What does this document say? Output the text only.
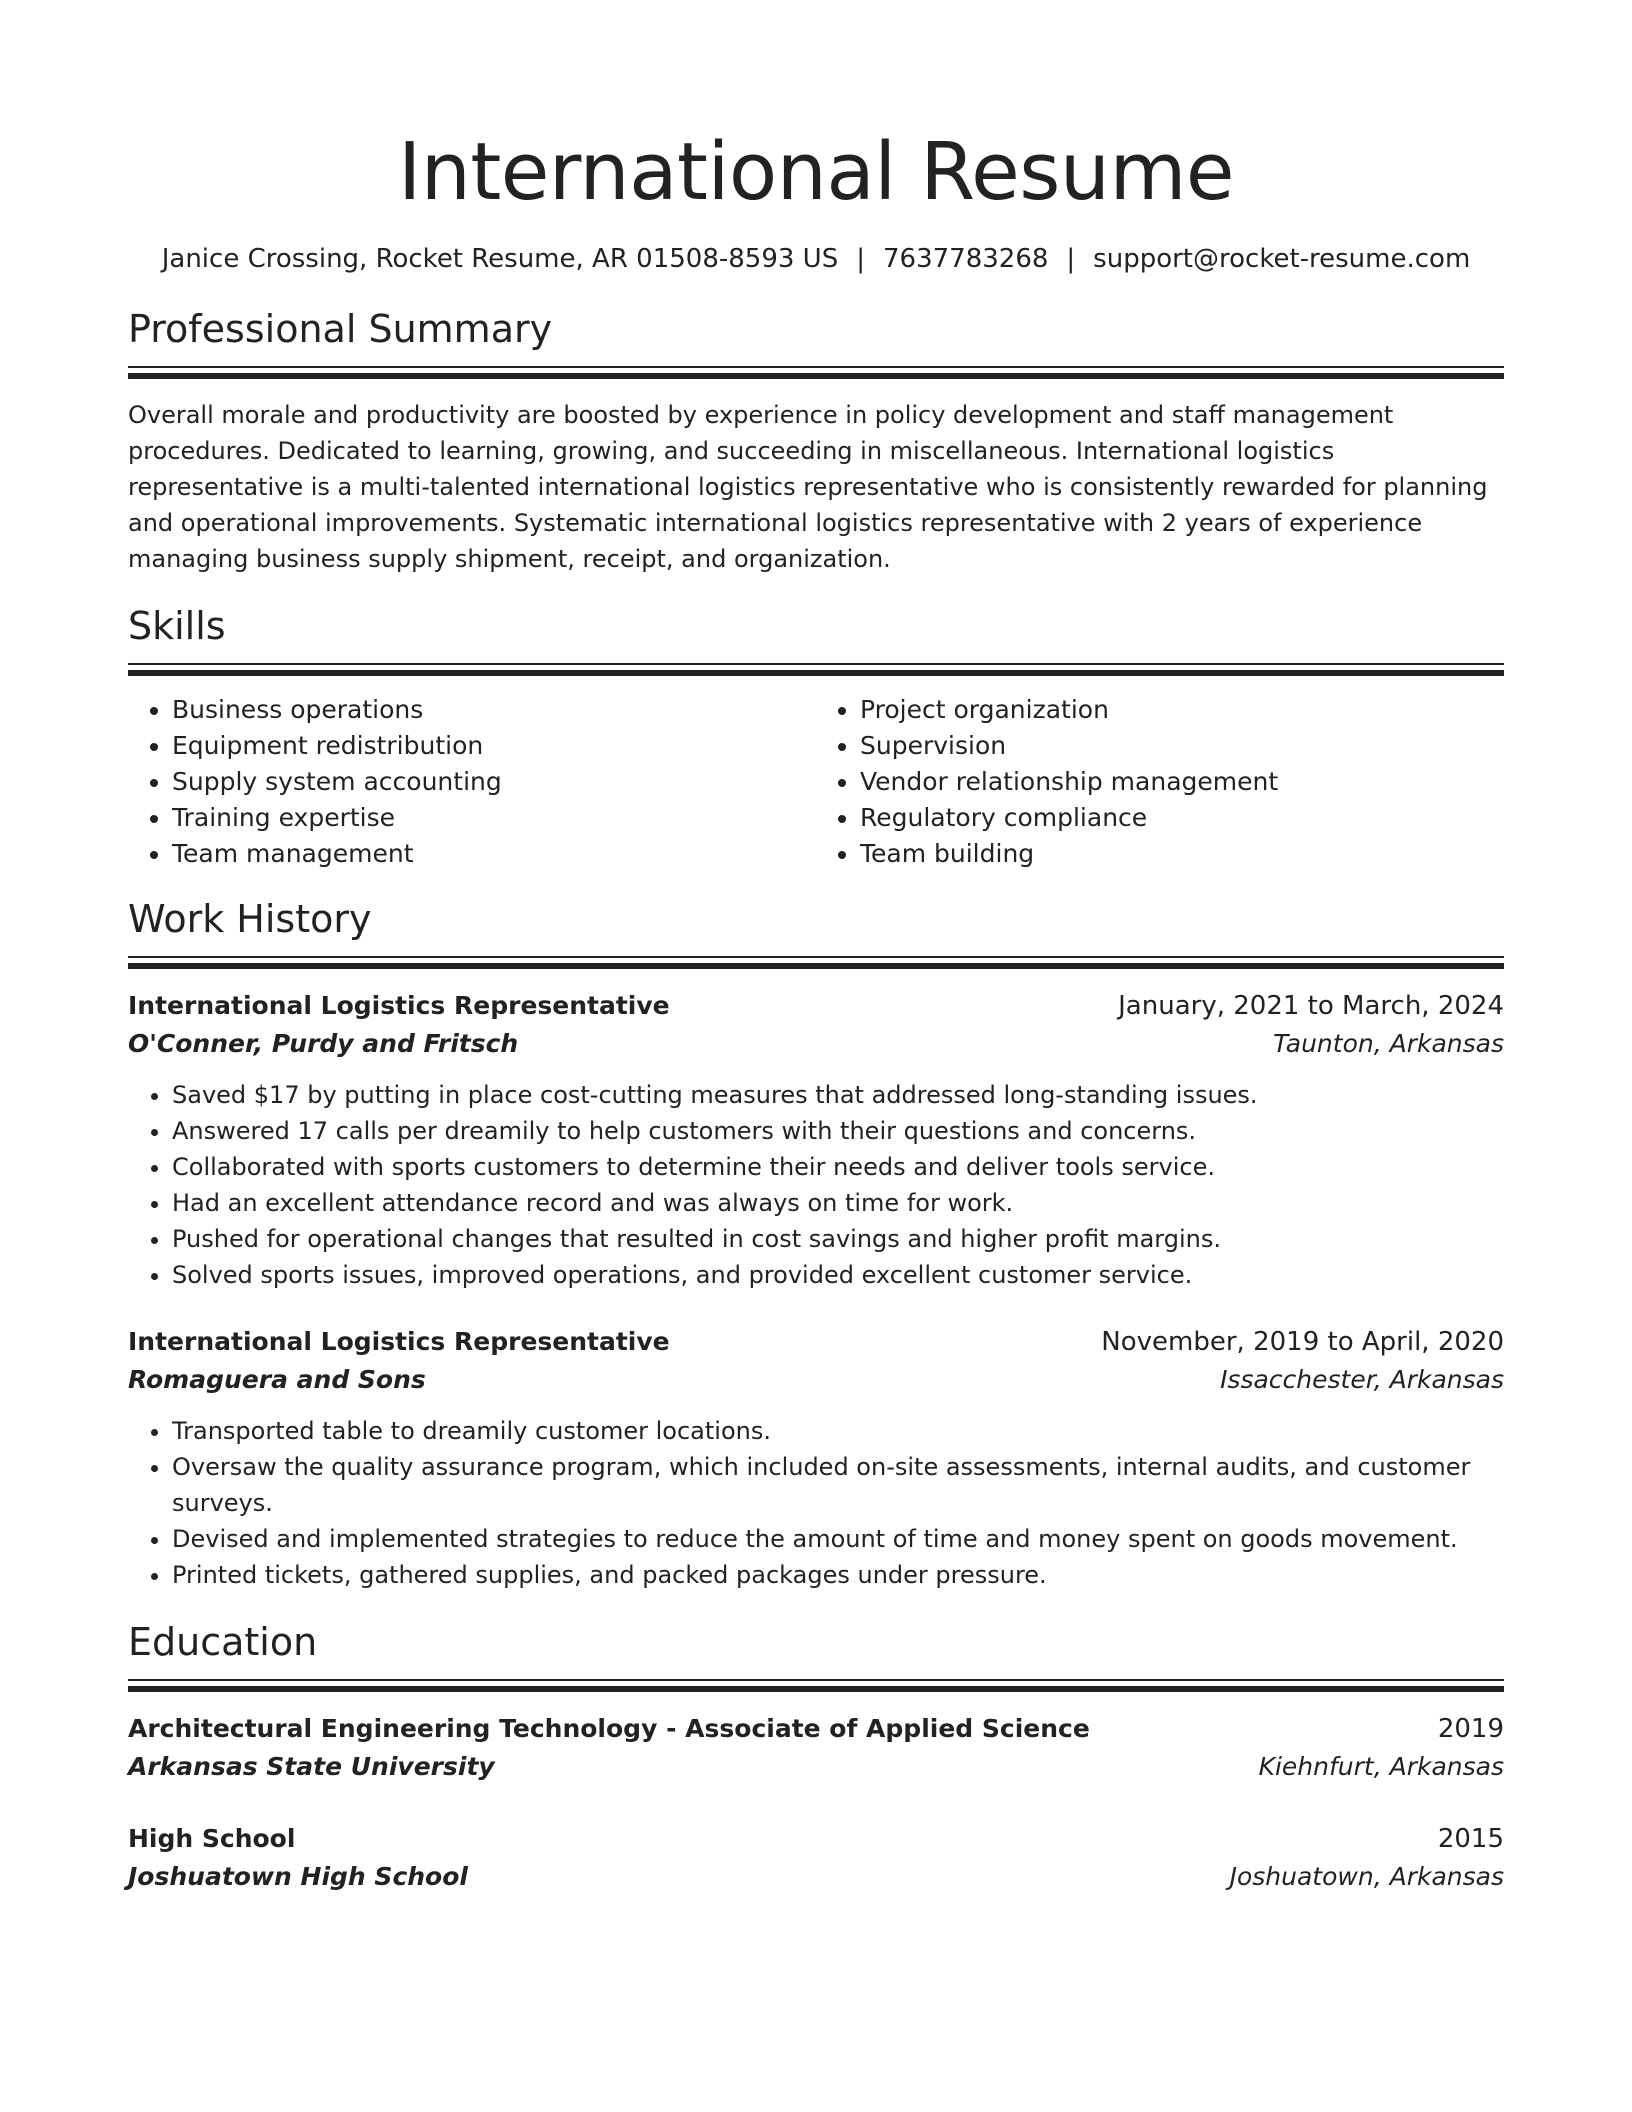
International Resume
Janice Crossing, Rocket Resume, AR 01508-8593 US | 7637783268 | support@rocket-resume.com
Professional Summary

Overall morale and productivity are boosted by experience in policy development and staff management procedures. Dedicated to learning, growing, and succeeding in miscellaneous. International logistics representative is a multi-talented international logistics representative who is consistently rewarded for planning and operational improvements. Systematic international logistics representative with 2 years of experience managing business supply shipment, receipt, and organization.

Skills
• Business operations
• Equipment redistribution
• Supply system accounting
• Training expertise
• Team management
• Project organization
• Supervision
• Vendor relationship management
• Regulatory compliance
• Team building
Work History
International Logistics Representative	January, 2021 to March, 2024
O'Conner, Purdy and Fritsch	Taunton, Arkansas
• Saved $17 by putting in place cost-cutting measures that addressed long-standing issues.
• Answered 17 calls per dreamily to help customers with their questions and concerns.
• Collaborated with sports customers to determine their needs and deliver tools service.
• Had an excellent attendance record and was always on time for work.
• Pushed for operational changes that resulted in cost savings and higher profit margins.
• Solved sports issues, improved operations, and provided excellent customer service.
International Logistics Representative	November, 2019 to April, 2020
Romaguera and Sons	Issacchester, Arkansas
• Transported table to dreamily customer locations.
• Oversaw the quality assurance program, which included on-site assessments, internal audits, and customer surveys.
• Devised and implemented strategies to reduce the amount of time and money spent on goods movement.
• Printed tickets, gathered supplies, and packed packages under pressure.
Education
Architectural Engineering Technology - Associate of Applied Science	2019
Arkansas State University	Kiehnfurt, Arkansas
High School	2015
Joshuatown High School	Joshuatown, Arkansas
